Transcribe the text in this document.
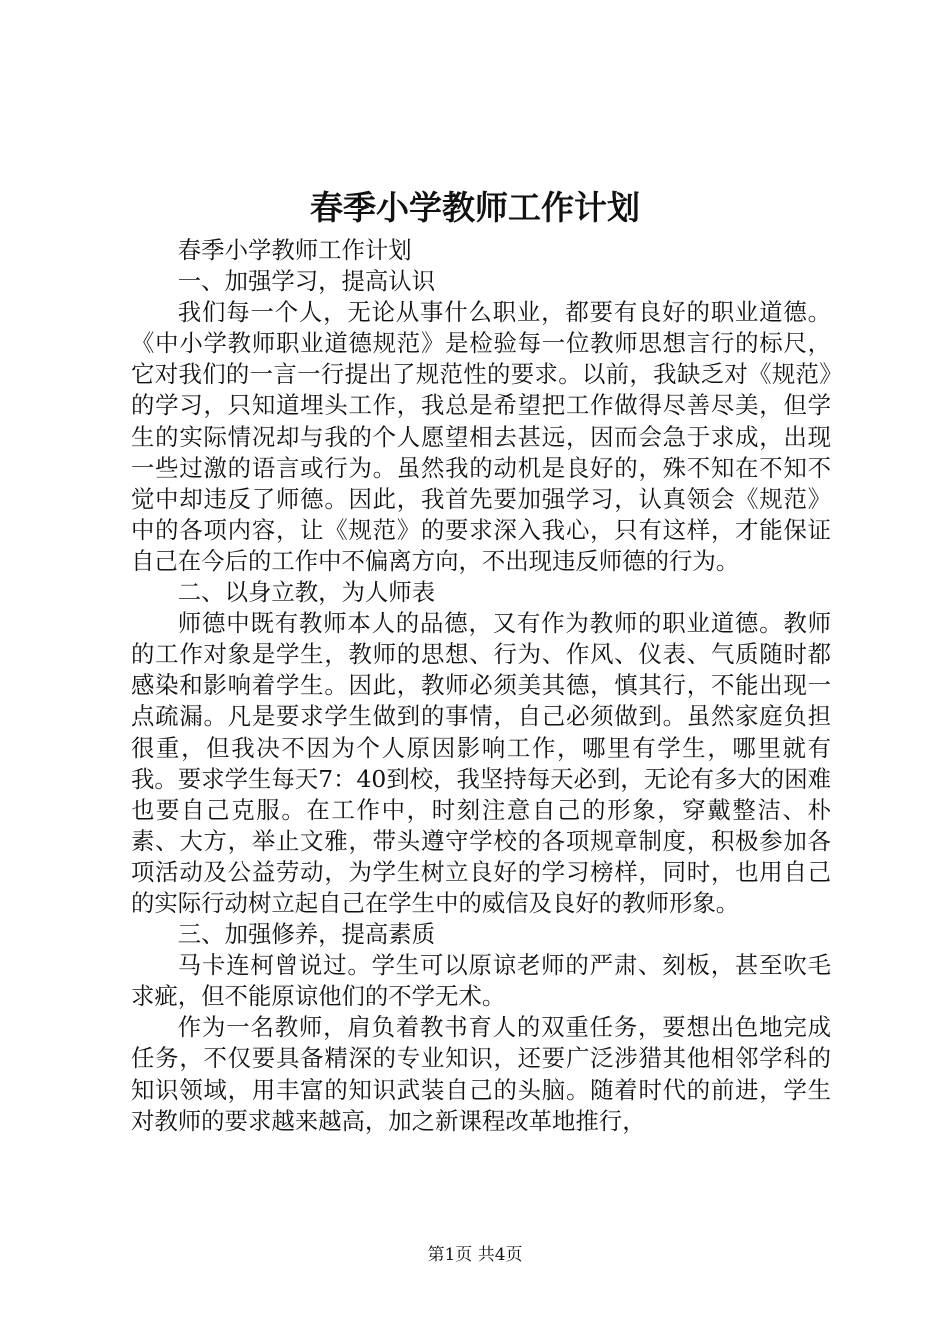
春季小学教师工作计划

春季小学教师工作计划

一、加强学习，提高认识

我们每一个人，无论从事什么职业，都要有良好的职业道德。《中小学教师职业道德规范》是检验每一位教师思想言行的标尺，它对我们的一言一行提出了规范性的要求。以前，我缺乏对《规范》的学习，只知道埋头工作，我总是希望把工作做得尽善尽美，但学生的实际情况却与我的个人愿望相去甚远，因而会急于求成，出现一些过激的语言或行为。虽然我的动机是良好的，殊不知在不知不觉中却违反了师德。因此，我首先要加强学习，认真领会《规范》中的各项内容，让《规范》的要求深入我心，只有这样，才能保证自己在今后的工作中不偏离方向，不出现违反师德的行为。

二、以身立教，为人师表

师德中既有教师本人的品德，又有作为教师的职业道德。教师的工作对象是学生，教师的思想、行为、作风、仪表、气质随时都感染和影响着学生。因此，教师必须美其德，慎其行，不能出现一点疏漏。凡是要求学生做到的事情，自己必须做到。虽然家庭负担很重，但我决不因为个人原因影响工作，哪里有学生，哪里就有我。要求学生每天7：40到校，我坚持每天必到，无论有多大的困难也要自己克服。在工作中，时刻注意自己的形象，穿戴整洁、朴素、大方，举止文雅，带头遵守学校的各项规章制度，积极参加各项活动及公益劳动，为学生树立良好的学习榜样，同时，也用自己的实际行动树立起自己在学生中的威信及良好的教师形象。

三、加强修养，提高素质

马卡连柯曾说过。学生可以原谅老师的严肃、刻板，甚至吹毛求疵，但不能原谅他们的不学无术。

作为一名教师，肩负着教书育人的双重任务，要想出色地完成任务，不仅要具备精深的专业知识，还要广泛涉猎其他相邻学科的知识领域，用丰富的知识武装自己的头脑。随着时代的前进，学生对教师的要求越来越高，加之新课程改革地推行，

第1页 共4页
